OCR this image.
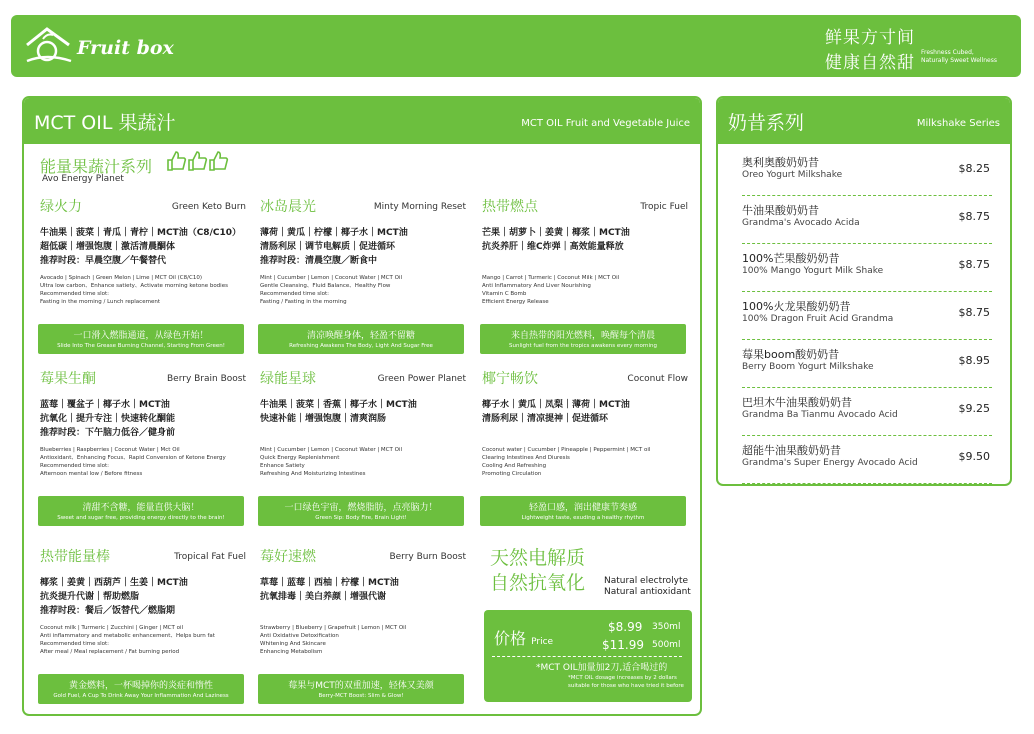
Fruit box	鲜果方寸间
健康自然甜
Freshness Cubed,
Naturally Sweet Wellness
MCT OIL 果蔬汁	MCT OIL Fruit and Vegetable Juice
能量果蔬汁系列
Avo Energy Planet
绿火力	Green Keto Burn
牛油果｜菠菜｜青瓜｜青柠｜MCT油（C8/C10）
超低碳｜增强饱腹｜激活清晨酮体
推荐时段：早晨空腹／午餐替代
Avocado | Spinach | Green Melon | Lime | MCT Oil (C8/C10)
Ultra low carbon、Enhance satiety、Activate morning ketone bodies
Recommended time slot:
Fasting in the morning / Lunch replacement
一口滑入燃脂通道，从绿色开始！
Slide Into The Grease Burning Channel, Starting From Green!
冰岛晨光	Minty Morning Reset
薄荷｜黄瓜｜柠檬｜椰子水｜MCT油
清肠利尿｜调节电解质｜促进循环
推荐时段：清晨空腹／断食中
Mint | Cucumber | Lemon | Coconut Water | MCT Oil
Gentle Cleansing、Fluid Balance、Healthy Flow
Recommended time slot:
Fasting / Fasting in the morning
清凉唤醒身体，轻盈不留糖
Refreshing Awakens The Body, Light And Sugar Free
热带燃点	Tropic Fuel
芒果｜胡萝卜｜姜黄｜椰浆｜MCT油
抗炎养肝｜维C炸弹｜高效能量释放
Mango | Carrot | Turmeric | Coconut Milk | MCT Oil
Anti Inflammatory And Liver Nourishing
Vitamin C Bomb
Efficient Energy Release
来自热带的阳光燃料，唤醒每个清晨
Sunlight fuel from the tropics awakens every morning
莓果生酮	Berry Brain Boost
蓝莓｜覆盆子｜椰子水｜MCT油
抗氧化｜提升专注｜快速转化酮能
推荐时段：下午脑力低谷／健身前
Blueberries | Raspberries | Coconut Water | Mct Oil
Antioxidant、Enhancing Focus、Rapid Conversion of Ketone Energy
Recommended time slot:
Afternoon mental low / Before fitness
清甜不含糖，能量直供大脑！
Sweet and sugar free, providing energy directly to the brain!
绿能星球	Green Power Planet
牛油果｜菠菜｜香蕉｜椰子水｜MCT油
快速补能｜增强饱腹｜清爽润肠
Mint | Cucumber | Lemon | Coconut Water | MCT Oil
Quick Energy Replenishment
Enhance Satiety
Refreshing And Moisturizing Intestines
一口绿色宇宙，燃烧脂肪，点亮脑力！
Green Sip: Body Fire, Brain Light!
椰宁畅饮	Coconut Flow
椰子水｜黄瓜｜凤梨｜薄荷｜MCT油
清肠利尿｜清凉提神｜促进循环
Coconut water | Cucumber | Pineapple | Peppermint | MCT oil
Clearing Intestines And Diuresis
Cooling And Refreshing
Promoting Circulation
轻盈口感，润出健康节奏感
Lightweight taste, exuding a healthy rhythm
热带能量棒	Tropical Fat Fuel
椰浆｜姜黄｜西葫芦｜生姜｜MCT油
抗炎提升代谢｜帮助燃脂
推荐时段：餐后／饭替代／燃脂期
Coconut milk | Turmeric | Zucchini | Ginger | MCT oil
Anti inflammatory and metabolic enhancement、Helps burn fat
Recommended time slot:
After meal / Meal replacement / Fat burning period
黄金燃料，一杯喝掉你的炎症和惰性
Gold Fuel, A Cup To Drink Away Your Inflammation And Laziness
莓好速燃	Berry Burn Boost
草莓｜蓝莓｜西柚｜柠檬｜MCT油
抗氧排毒｜美白养颜｜增强代谢
Strawberry | Blueberry | Grapefruit | Lemon | MCT Oil
Anti Oxidative Detoxification
Whitening And Skincare
Enhancing Metabolism
莓果与MCT的双重加速，轻体又美颜
Berry-MCT Boost: Slim & Glow!
天然电解质
自然抗氧化 Natural electrolyte
Natural antioxidant
价格 Price
$8.99 350ml
$11.99 500ml
*MCT OIL加量加2刀,适合喝过的
*MCT OIL dosage increases by 2 dollars
suitable for those who have tried it before
奶昔系列	Milkshake Series
奥利奥酸奶奶昔
Oreo Yogurt Milkshake	$8.25
牛油果酸奶奶昔
Grandma's Avocado Acida	$8.75
100%芒果酸奶奶昔
100% Mango Yogurt Milk Shake	$8.75
100%火龙果酸奶奶昔
100% Dragon Fruit Acid Grandma	$8.75
莓果boom酸奶奶昔
Berry Boom Yogurt Milkshake	$8.95
巴坦木牛油果酸奶奶昔
Grandma Ba Tianmu Avocado Acid	$9.25
超能牛油果酸奶奶昔
Grandma's Super Energy Avocado Acid	$9.50
Fruit box
MCT全称是MEDIUM-CHAIN TRIGLYCERIDES（中链甘油三酯），是
一种天然存在于椰子油和棕榈仁油中的脂肪
MCT OIL 是经过提纯的形式
主要成分为：•C8（辛酸）•C10（癸酸）
这两种脂肪酸比长链脂肪酸更容易被身体吸收和利用
MCT, also known as MEDIUM-CHAIN TRIGLYCERIDES,
is a natural fat found in coconut oil and palm kernel oil
MCT OIL is a purified form
The main components are: • C8 (octanoic acid) • C10 (decanoic acid)
These two types of fatty acids are more easily absorbed and utilized by the body
than long-chain fatty acids
MCT	系列
